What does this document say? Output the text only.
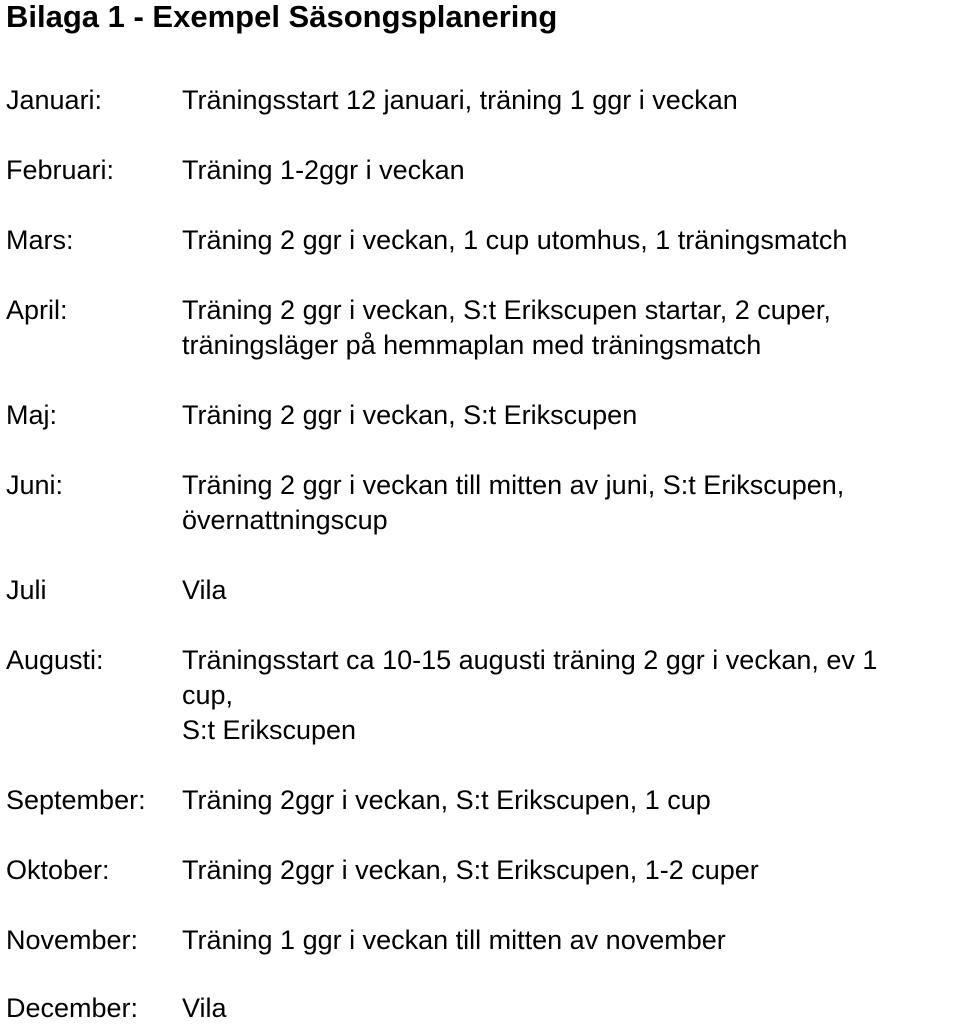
Bilaga 1 - Exempel Säsongsplanering
Januari:	Träningsstart 12 januari, träning 1 ggr i veckan
Februari:	Träning 1-2ggr i veckan
Mars:	Träning 2 ggr i veckan, 1 cup utomhus, 1 träningsmatch
April:	Träning 2 ggr i veckan, S:t Erikscupen startar, 2 cuper,
träningsläger på hemmaplan med träningsmatch
Maj:	Träning 2 ggr i veckan, S:t Erikscupen
Juni:	Träning 2 ggr i veckan till mitten av juni, S:t Erikscupen,
övernattningscup
Juli	Vila
Augusti:	Träningsstart ca 10-15 augusti träning 2 ggr i veckan, ev 1
cup,
S:t Erikscupen
September: Träning 2ggr i veckan, S:t Erikscupen, 1 cup
Oktober:	Träning 2ggr i veckan, S:t Erikscupen, 1-2 cuper
November: Träning 1 ggr i veckan till mitten av november
December: Vila
